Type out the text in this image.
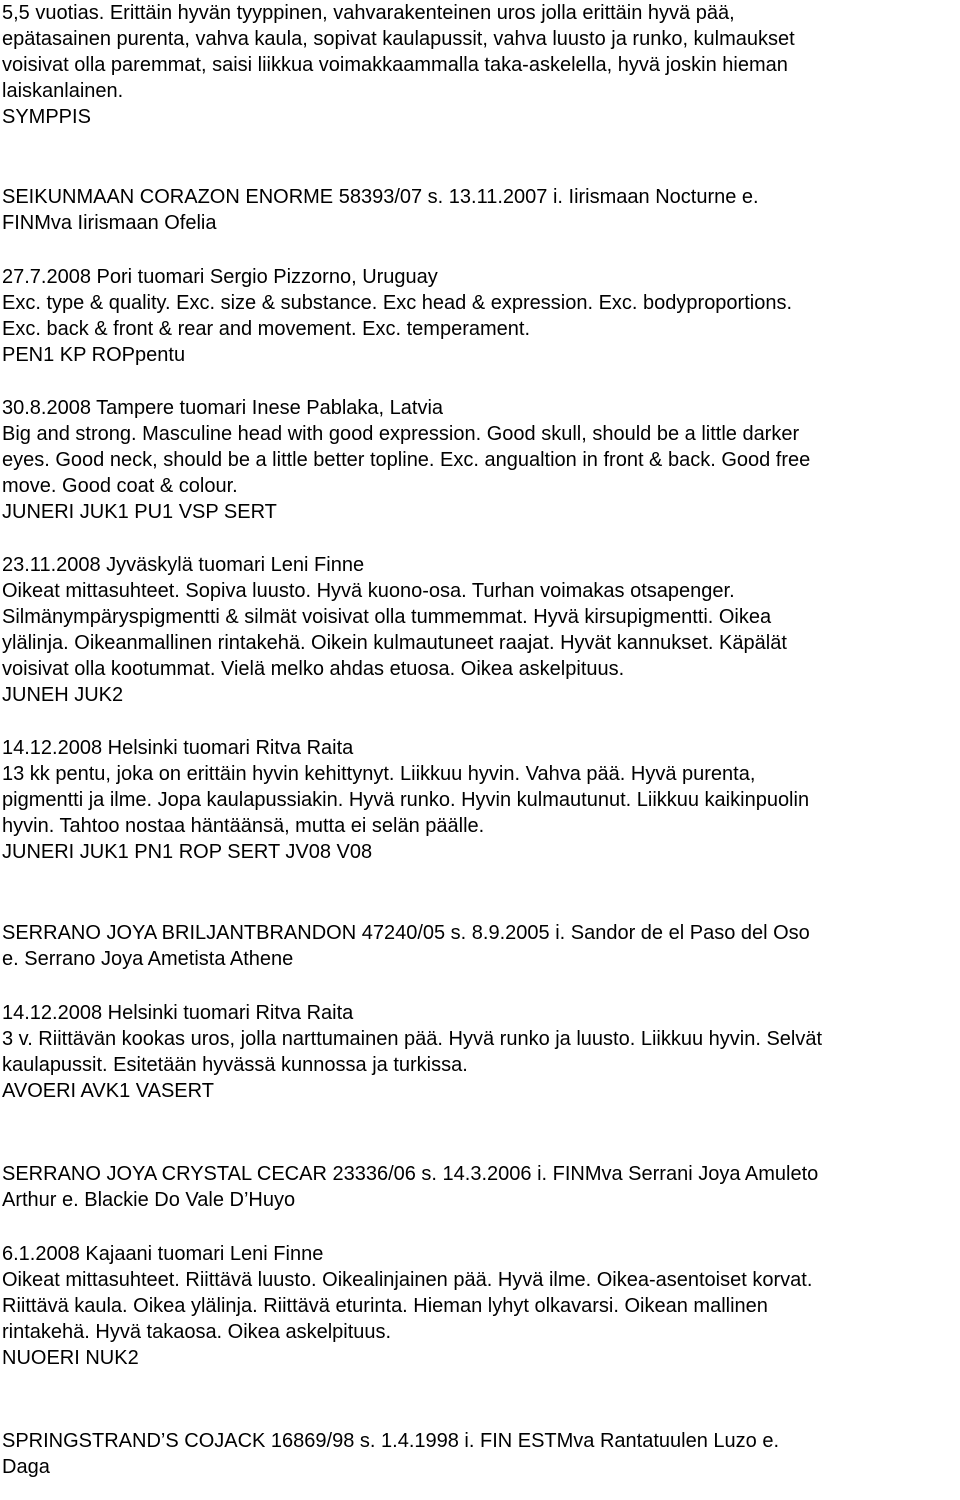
5,5 vuotias. Erittäin hyvän tyyppinen, vahvarakenteinen uros jolla erittäin hyvä pää,
epätasainen purenta, vahva kaula, sopivat kaulapussit, vahva luusto ja runko, kulmaukset
voisivat olla paremmat, saisi liikkua voimakkaammalla taka-askelella, hyvä joskin hieman
laiskanlainen.
SYMPPIS
SEIKUNMAAN CORAZON ENORME 58393/07 s. 13.11.2007 i. Iirismaan Nocturne e.
FINMva Iirismaan Ofelia
27.7.2008 Pori tuomari Sergio Pizzorno, Uruguay
Exc. type & quality. Exc. size & substance. Exc head & expression. Exc. bodyproportions.
Exc. back & front & rear and movement. Exc. temperament.
PEN1 KP ROPpentu
30.8.2008 Tampere tuomari Inese Pablaka, Latvia
Big and strong. Masculine head with good expression. Good skull, should be a little darker
eyes. Good neck, should be a little better topline. Exc. angualtion in front & back. Good free
move. Good coat & colour.
JUNERI JUK1 PU1 VSP SERT
23.11.2008 Jyväskylä tuomari Leni Finne
Oikeat mittasuhteet. Sopiva luusto. Hyvä kuono-osa. Turhan voimakas otsapenger.
Silmänympäryspigmentti & silmät voisivat olla tummemmat. Hyvä kirsupigmentti. Oikea
ylälinja. Oikeanmallinen rintakehä. Oikein kulmautuneet raajat. Hyvät kannukset. Käpälät
voisivat olla kootummat. Vielä melko ahdas etuosa. Oikea askelpituus.
JUNEH JUK2
14.12.2008 Helsinki tuomari Ritva Raita
13 kk pentu, joka on erittäin hyvin kehittynyt. Liikkuu hyvin. Vahva pää. Hyvä purenta,
pigmentti ja ilme. Jopa kaulapussiakin. Hyvä runko. Hyvin kulmautunut. Liikkuu kaikinpuolin
hyvin. Tahtoo nostaa häntäänsä, mutta ei selän päälle.
JUNERI JUK1 PN1 ROP SERT JV08 V08
SERRANO JOYA BRILJANTBRANDON 47240/05 s. 8.9.2005 i. Sandor de el Paso del Oso
e. Serrano Joya Ametista Athene
14.12.2008 Helsinki tuomari Ritva Raita
3 v. Riittävän kookas uros, jolla narttumainen pää. Hyvä runko ja luusto. Liikkuu hyvin. Selvät
kaulapussit. Esitetään hyvässä kunnossa ja turkissa.
AVOERI AVK1 VASERT
SERRANO JOYA CRYSTAL CECAR 23336/06 s. 14.3.2006 i. FINMva Serrani Joya Amuleto
Arthur e. Blackie Do Vale D’Huyo
6.1.2008 Kajaani tuomari Leni Finne
Oikeat mittasuhteet. Riittävä luusto. Oikealinjainen pää. Hyvä ilme. Oikea-asentoiset korvat.
Riittävä kaula. Oikea ylälinja. Riittävä eturinta. Hieman lyhyt olkavarsi. Oikean mallinen
rintakehä. Hyvä takaosa. Oikea askelpituus.
NUOERI NUK2
SPRINGSTRAND’S COJACK 16869/98 s. 1.4.1998 i. FIN ESTMva Rantatuulen Luzo e.
Daga
